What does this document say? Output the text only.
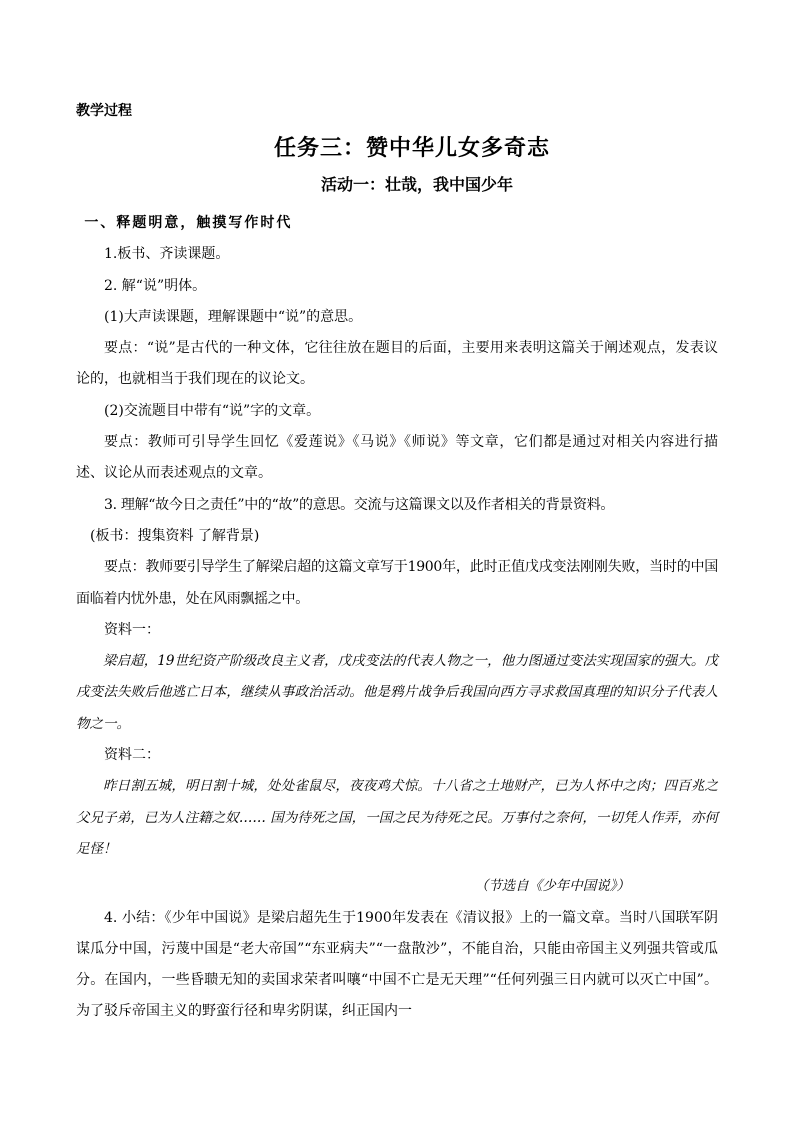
教学过程
任务三：赞中华儿女多奇志
活动一：壮哉，我中国少年
一、释题明意，触摸写作时代
1.板书、齐读课题。
2. 解“说”明体。
(1)大声读课题，理解课题中“说”的意思。

要点：“说”是古代的一种文体，它往往放在题目的后面，主要用来表明这篇关于阐述观点，发表议论的，也就相当于我们现在的议论文。

(2)交流题目中带有“说”字的文章。

要点：教师可引导学生回忆《爱莲说》《马说》《师说》等文章，它们都是通过对相关内容进行描述、议论从而表述观点的文章。

3. 理解“故今日之责任”中的“故”的意思。交流与这篇课文以及作者相关的背景资料。

(板书：搜集资料 了解背景)

要点：教师要引导学生了解梁启超的这篇文章写于1900年，此时正值戊戌变法刚刚失败，当时的中国面临着内忧外患，处在风雨飘摇之中。

资料一：

梁启超，19世纪资产阶级改良主义者，戊戌变法的代表人物之一，他力图通过变法实现国家的强大。戊戌变法失败后他逃亡日本，继续从事政治活动。他是鸦片战争后我国向西方寻求救国真理的知识分子代表人物之一。

资料二：

昨日割五城，明日割十城，处处雀鼠尽，夜夜鸡犬惊。十八省之土地财产，已为人怀中之肉；四百兆之父兄子弟，已为人注籍之奴…… 国为待死之国，一国之民为待死之民。万事付之奈何，一切凭人作弄，亦何足怪！

（节选自《少年中国说》）

4. 小结：《少年中国说》是梁启超先生于1900年发表在《清议报》上的一篇文章。当时八国联军阴谋瓜分中国，污蔑中国是“老大帝国”“东亚病夫”“一盘散沙”，不能自治，只能由帝国主义列强共管或瓜分。在国内，一些昏聩无知的卖国求荣者叫嚷“中国不亡是无天理”“任何列强三日内就可以灭亡中国”。为了驳斥帝国主义的野蛮行径和卑劣阴谋，纠正国内一
